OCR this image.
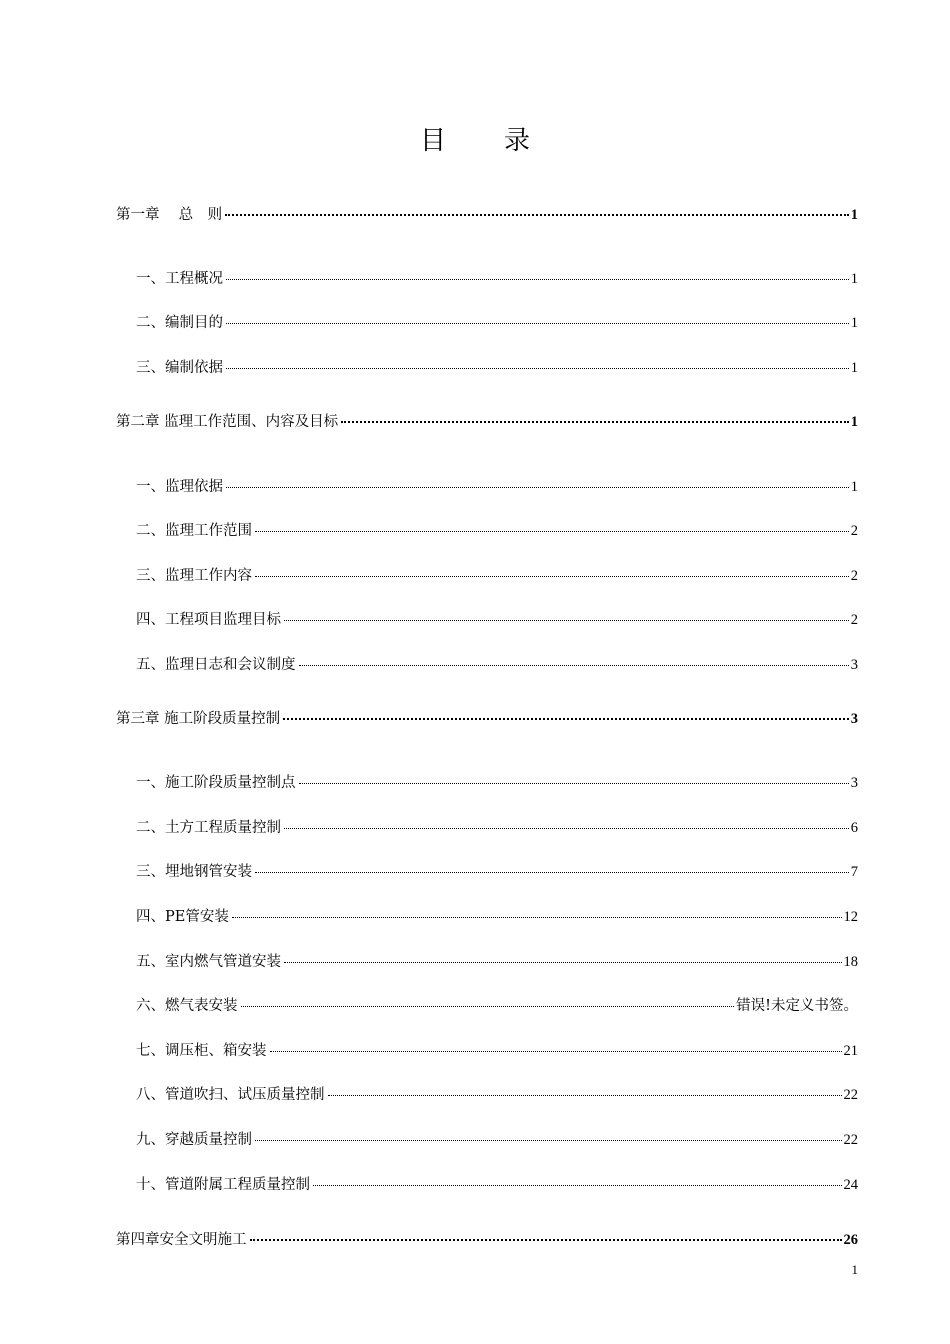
目录
第一章　 总　则	1
一、工程概况	1
二、编制目的	1
三、编制依据	1
第二章 监理工作范围、内容及目标	1
一、监理依据	1
二、监理工作范围	2
三、监理工作内容	2
四、工程项目监理目标	2
五、监理日志和会议制度	3
第三章 施工阶段质量控制	3
一、施工阶段质量控制点	3
二、土方工程质量控制	6
三、埋地钢管安装	7
四、PE管安装	12
五、室内燃气管道安装	18
六、燃气表安装	错误!未定义书签。
七、调压柜、箱安装	21
八、管道吹扫、试压质量控制	22
九、穿越质量控制	22
十、管道附属工程质量控制	24
第四章安全文明施工	26
1
